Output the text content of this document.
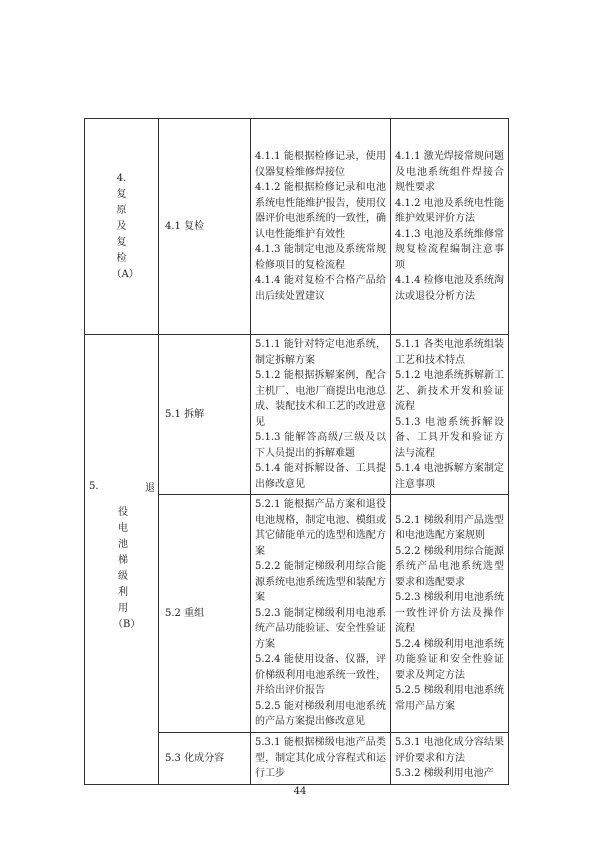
4.
复原及复检
（A）	4.1 复检	4.1.1 能根据检修记录，使用仪器复检维修焊接位
4.1.2 能根据检修记录和电池系统电性能维护报告，使用仪器评价电池系统的一致性，确认电性能维护有效性
4.1.3 能制定电池及系统常规检修项目的复检流程
4.1.4 能对复检不合格产品给出后续处置建议	4.1.1 激光焊接常规问题及电池系统组件焊接合规性要求
4.1.2 电池及系统电性能维护效果评价方法
4.1.3 电池及系统维修常规复检流程编制注意事项
4.1.4 检修电池及系统淘汰或退役分析方法

5. 退
役电池梯级利用
（B）	5.1 拆解	5.1.1 能针对特定电池系统，制定拆解方案
5.1.2 能根据拆解案例，配合主机厂、电池厂商提出电池总成、装配技术和工艺的改进意见
5.1.3 能解答高级/三级及以下人员提出的拆解难题
5.1.4 能对拆解设备、工具提出修改意见	5.1.1 各类电池系统组装工艺和技术特点
5.1.2 电池系统拆解新工艺、新技术开发和验证流程
5.1.3 电池系统拆解设备、工具开发和验证方法与流程
5.1.4 电池拆解方案制定注意事项

	5.2 重组	5.2.1 能根据产品方案和退役电池规格，制定电池、模组或其它储能单元的选型和选配方案
5.2.2 能制定梯级利用综合能源系统电池系统选型和装配方案
5.2.3 能制定梯级利用电池系统产品功能验证、安全性验证方案
5.2.4 能使用设备、仪器，评价梯级利用电池系统一致性，并给出评价报告
5.2.5 能对梯级利用电池系统的产品方案提出修改意见	5.2.1 梯级利用产品选型和电池选配方案规则
5.2.2 梯级利用综合能源系统产品电池系统选型要求和选配要求
5.2.3 梯级利用电池系统一致性评价方法及操作流程
5.2.4 梯级利用电池系统功能验证和安全性验证要求及判定方法
5.2.5 梯级利用电池系统常用产品方案

	5.3 化成分容	5.3.1 能根据梯级电池产品类型，制定其化成分容程式和运行工步	5.3.1 电池化成分容结果评价要求和方法
5.3.2 梯级利用电池产
44
